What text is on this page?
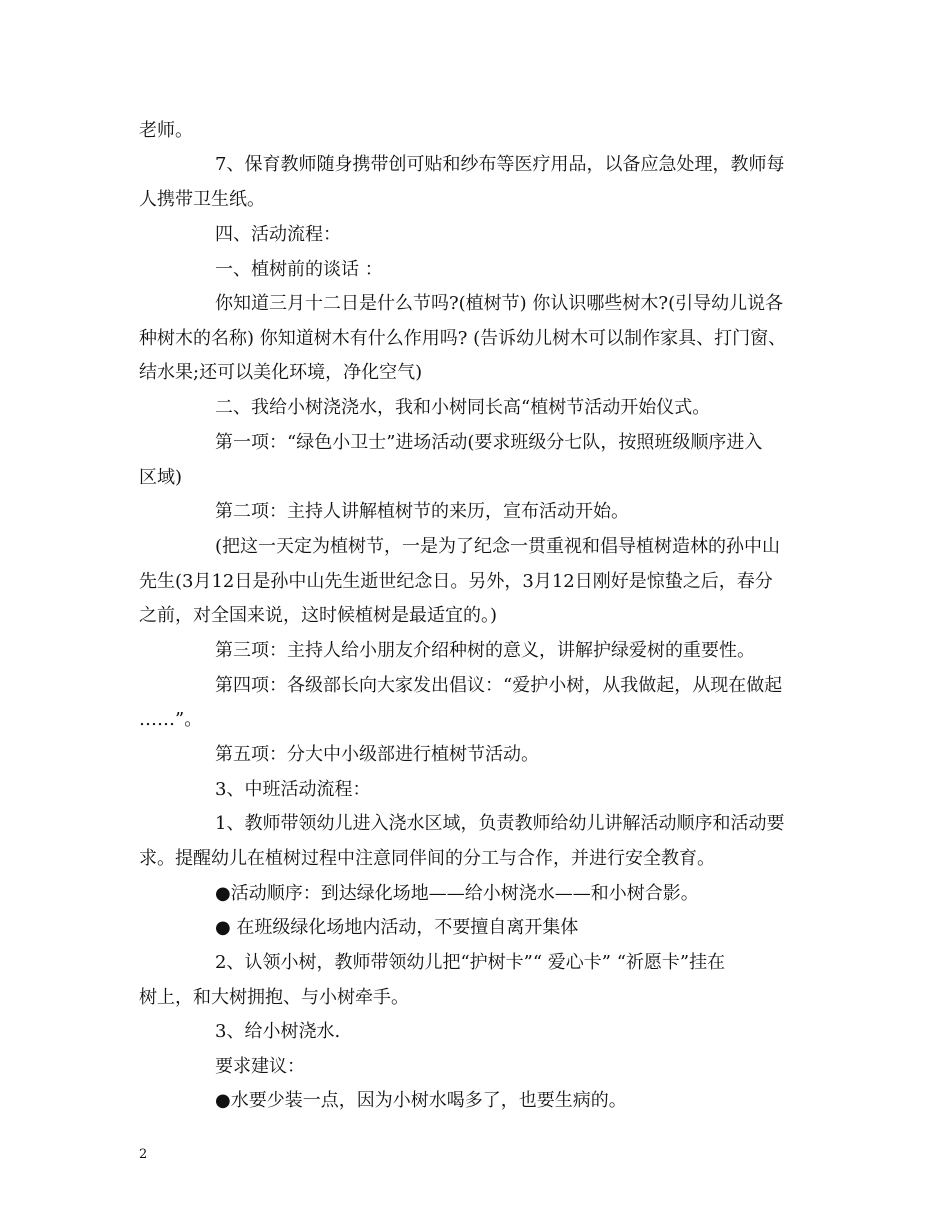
老师。
7、保育教师随身携带创可贴和纱布等医疗用品，以备应急处理，教师每
人携带卫生纸。
四、活动流程：
一、植树前的谈话 ：
你知道三月十二日是什么节吗?(植树节) 你认识哪些树木?(引导幼儿说各
种树木的名称) 你知道树木有什么作用吗? (告诉幼儿树木可以制作家具、打门窗、
结水果;还可以美化环境，净化空气)
二、我给小树浇浇水，我和小树同长高“植树节活动开始仪式。
第一项：“绿色小卫士”进场活动(要求班级分七队，按照班级顺序进入
区域)
第二项：主持人讲解植树节的来历，宣布活动开始。
(把这一天定为植树节，一是为了纪念一贯重视和倡导植树造林的孙中山
先生(3月12日是孙中山先生逝世纪念日。另外，3月12日刚好是惊蛰之后，春分
之前，对全国来说，这时候植树是最适宜的。)
第三项：主持人给小朋友介绍种树的意义，讲解护绿爱树的重要性。
第四项：各级部长向大家发出倡议：“爱护小树，从我做起，从现在做起
……”。
第五项：分大中小级部进行植树节活动。
3、中班活动流程：
1、教师带领幼儿进入浇水区域，负责教师给幼儿讲解活动顺序和活动要
求。提醒幼儿在植树过程中注意同伴间的分工与合作，并进行安全教育。
●活动顺序：到达绿化场地——给小树浇水——和小树合影。
● 在班级绿化场地内活动，不要擅自离开集体
2、认领小树，教师带领幼儿把“护树卡”“ 爱心卡” “祈愿卡”挂在
树上，和大树拥抱、与小树牵手。
3、给小树浇水.
要求建议：
●水要少装一点，因为小树水喝多了，也要生病的。
2
